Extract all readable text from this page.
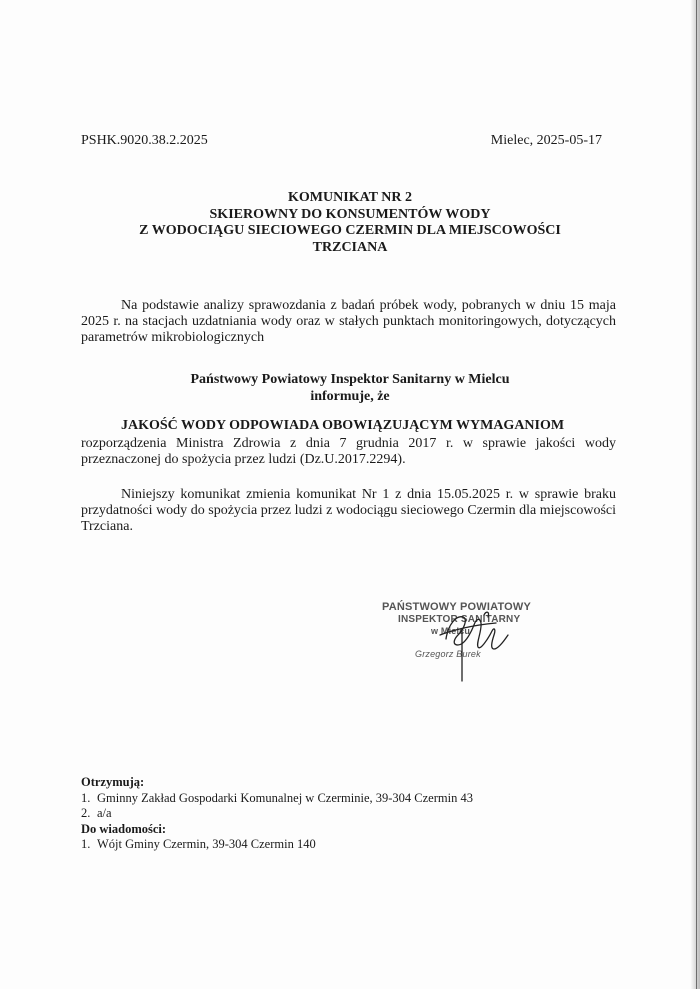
PSHK.9020.38.2.2025	Mielec, 2025-05-17
KOMUNIKAT NR 2
SKIEROWNY DO KONSUMENTÓW WODY
Z WODOCIĄGU SIECIOWEGO CZERMIN DLA MIEJSCOWOŚCI
TRZCIANA
Na podstawie analizy sprawozdania z badań próbek wody, pobranych w dniu 15 maja 2025 r. na stacjach uzdatniania wody oraz w stałych punktach monitoringowych, dotyczących parametrów mikrobiologicznych
Państwowy Powiatowy Inspektor Sanitarny w Mielcu
informuje, że
JAKOŚĆ WODY ODPOWIADA OBOWIĄZUJĄCYM WYMAGANIOM
rozporządzenia Ministra Zdrowia z dnia 7 grudnia 2017 r. w sprawie jakości wody przeznaczonej do spożycia przez ludzi (Dz.U.2017.2294).
Niniejszy komunikat zmienia komunikat Nr 1 z dnia 15.05.2025 r. w sprawie braku przydatności wody do spożycia przez ludzi z wodociągu sieciowego Czermin dla miejscowości Trzciana.
PAŃSTWOWY POWIATOWY
INSPEKTOR SANITARNY
w Mielcu
Grzegorz Burek
Otrzymują:
1. Gminny Zakład Gospodarki Komunalnej w Czerminie, 39-304 Czermin 43
2. a/a
Do wiadomości:
1. Wójt Gminy Czermin, 39-304 Czermin 140
